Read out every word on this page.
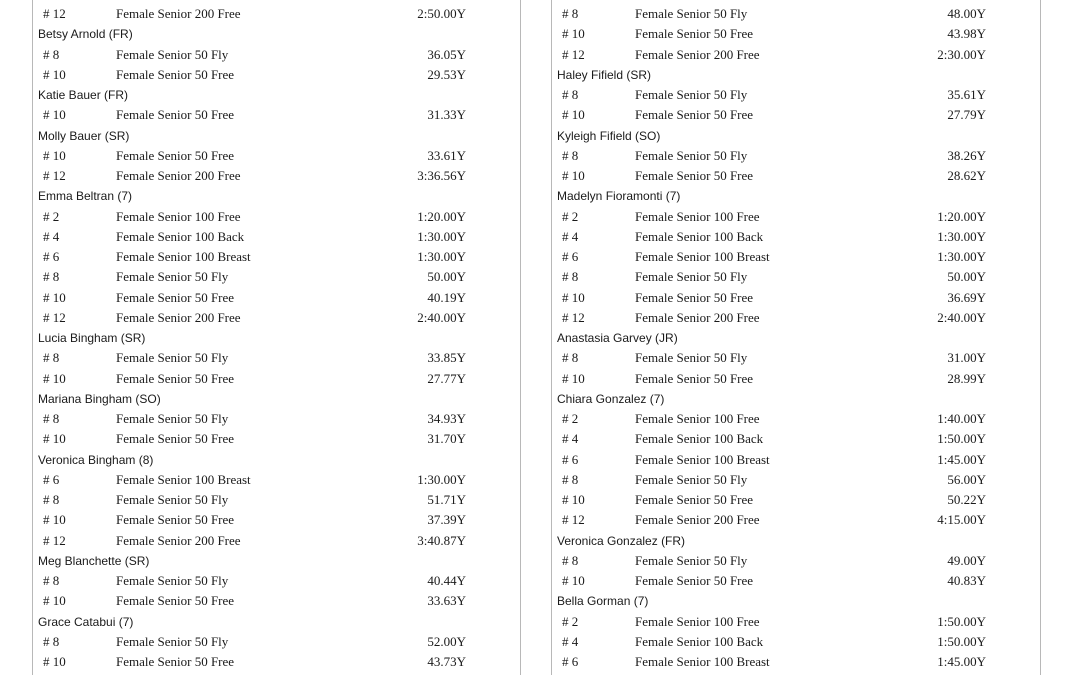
# 12	Female Senior 200 Free	2:50.00Y
Betsy Arnold (FR)
# 8	Female Senior 50 Fly	36.05Y
# 10	Female Senior 50 Free	29.53Y
Katie Bauer (FR)
# 10	Female Senior 50 Free	31.33Y
Molly Bauer (SR)
# 10	Female Senior 50 Free	33.61Y
# 12	Female Senior 200 Free	3:36.56Y
Emma Beltran (7)
# 2	Female Senior 100 Free	1:20.00Y
# 4	Female Senior 100 Back	1:30.00Y
# 6	Female Senior 100 Breast	1:30.00Y
# 8	Female Senior 50 Fly	50.00Y
# 10	Female Senior 50 Free	40.19Y
# 12	Female Senior 200 Free	2:40.00Y
Lucia Bingham (SR)
# 8	Female Senior 50 Fly	33.85Y
# 10	Female Senior 50 Free	27.77Y
Mariana Bingham (SO)
# 8	Female Senior 50 Fly	34.93Y
# 10	Female Senior 50 Free	31.70Y
Veronica Bingham (8)
# 6	Female Senior 100 Breast	1:30.00Y
# 8	Female Senior 50 Fly	51.71Y
# 10	Female Senior 50 Free	37.39Y
# 12	Female Senior 200 Free	3:40.87Y
Meg Blanchette (SR)
# 8	Female Senior 50 Fly	40.44Y
# 10	Female Senior 50 Free	33.63Y
Grace Catabui (7)
# 8	Female Senior 50 Fly	52.00Y
# 10	Female Senior 50 Free	43.73Y
# 8	Female Senior 50 Fly	48.00Y
# 10	Female Senior 50 Free	43.98Y
# 12	Female Senior 200 Free	2:30.00Y
Haley Fifield (SR)
# 8	Female Senior 50 Fly	35.61Y
# 10	Female Senior 50 Free	27.79Y
Kyleigh Fifield (SO)
# 8	Female Senior 50 Fly	38.26Y
# 10	Female Senior 50 Free	28.62Y
Madelyn Fioramonti (7)
# 2	Female Senior 100 Free	1:20.00Y
# 4	Female Senior 100 Back	1:30.00Y
# 6	Female Senior 100 Breast	1:30.00Y
# 8	Female Senior 50 Fly	50.00Y
# 10	Female Senior 50 Free	36.69Y
# 12	Female Senior 200 Free	2:40.00Y
Anastasia Garvey (JR)
# 8	Female Senior 50 Fly	31.00Y
# 10	Female Senior 50 Free	28.99Y
Chiara Gonzalez (7)
# 2	Female Senior 100 Free	1:40.00Y
# 4	Female Senior 100 Back	1:50.00Y
# 6	Female Senior 100 Breast	1:45.00Y
# 8	Female Senior 50 Fly	56.00Y
# 10	Female Senior 50 Free	50.22Y
# 12	Female Senior 200 Free	4:15.00Y
Veronica Gonzalez (FR)
# 8	Female Senior 50 Fly	49.00Y
# 10	Female Senior 50 Free	40.83Y
Bella Gorman (7)
# 2	Female Senior 100 Free	1:50.00Y
# 4	Female Senior 100 Back	1:50.00Y
# 6	Female Senior 100 Breast	1:45.00Y
